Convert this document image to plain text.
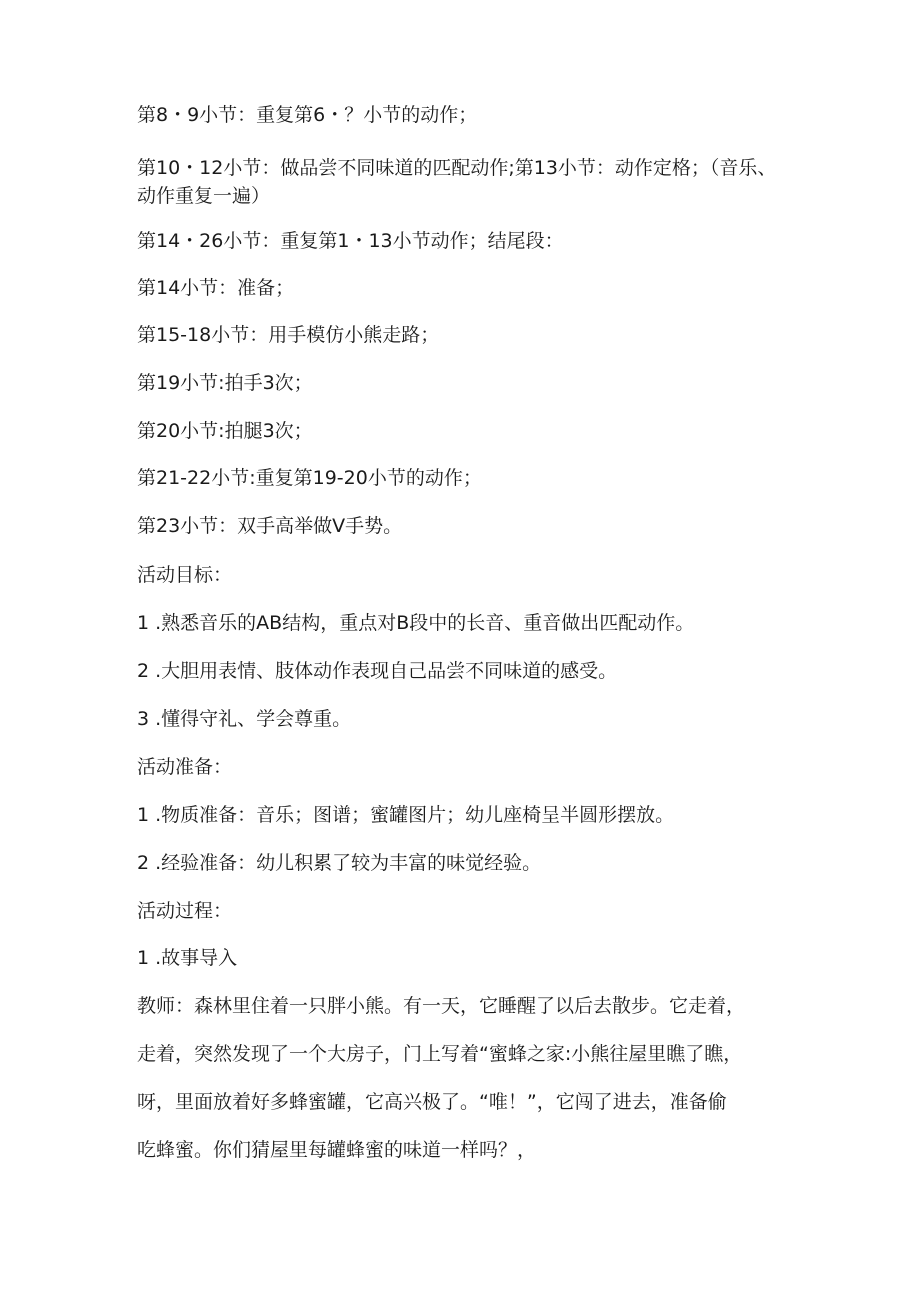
第8・9小节：重复第6・？小节的动作；

第10・12小节：做品尝不同味道的匹配动作;第13小节：动作定格；（音乐、动作重复一遍）

第14・26小节：重复第1・13小节动作；结尾段：

第14小节：准备；

第15-18小节：用手模仿小熊走路；

第19小节:拍手3次；

第20小节:拍腿3次；

第21-22小节:重复第19-20小节的动作；

第23小节：双手高举做V手势。

活动目标：

1 .熟悉音乐的AB结构，重点对B段中的长音、重音做出匹配动作。

2 .大胆用表情、肢体动作表现自己品尝不同味道的感受。

3 .懂得守礼、学会尊重。

活动准备：

1 .物质准备：音乐；图谱；蜜罐图片；幼儿座椅呈半圆形摆放。

2 .经验准备：幼儿积累了较为丰富的味觉经验。

活动过程：

1 .故事导入

教师：森林里住着一只胖小熊。有一天，它睡醒了以后去散步。它走着，

走着，突然发现了一个大房子，门上写着“蜜蜂之家:小熊往屋里瞧了瞧，

呀，里面放着好多蜂蜜罐，它高兴极了。“唯！”，它闯了进去，准备偷

吃蜂蜜。你们猜屋里每罐蜂蜜的味道一样吗？，
